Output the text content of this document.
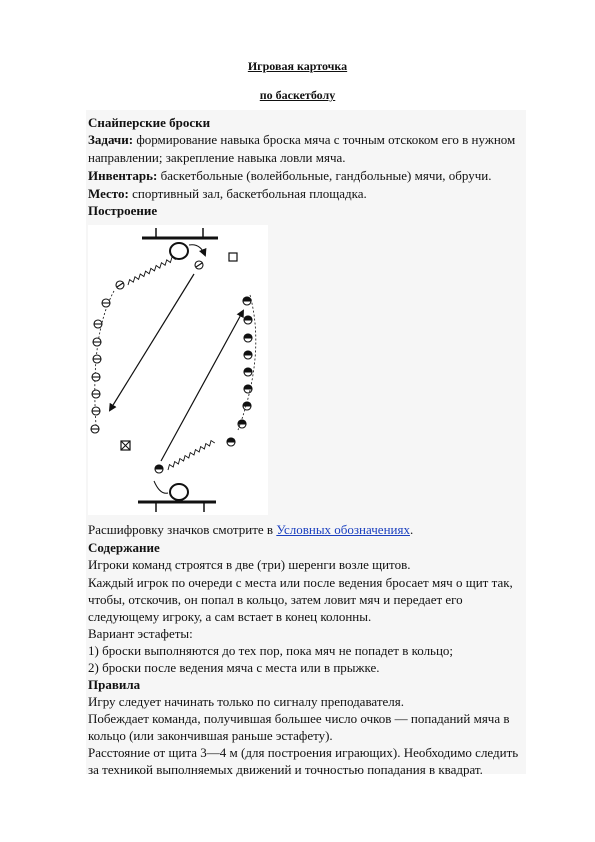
Игровая карточка
по баскетболу
Снайперские броски
Задачи: формирование навыка броска мяча с точным отскоком его в нужном
направлении; закрепление навыка ловли мяча.
Инвентарь: баскетбольные (волейбольные, гандбольные) мячи, обручи.
Место: спортивный зал, баскетбольная площадка.
Построение
Расшифровку значков смотрите в Условных обозначениях.
Содержание
Игроки команд строятся в две (три) шеренги возле щитов.
Каждый игрок по очереди с места или после ведения бросает мяч о щит так,
чтобы, отскочив, он попал в кольцо, затем ловит мяч и передает его
следующему игроку, а сам встает в конец колонны.
Вариант эстафеты:
1) броски выполняются до тех пор, пока мяч не попадет в кольцо;
2) броски после ведения мяча с места или в прыжке.
Правила
Игру следует начинать только по сигналу преподавателя.
Побеждает команда, получившая большее число очков — попаданий мяча в
кольцо (или закончившая раньше эстафету).
Расстояние от щита 3—4 м (для построения играющих). Необходимо следить
за техникой выполняемых движений и точностью попадания в квадрат.
